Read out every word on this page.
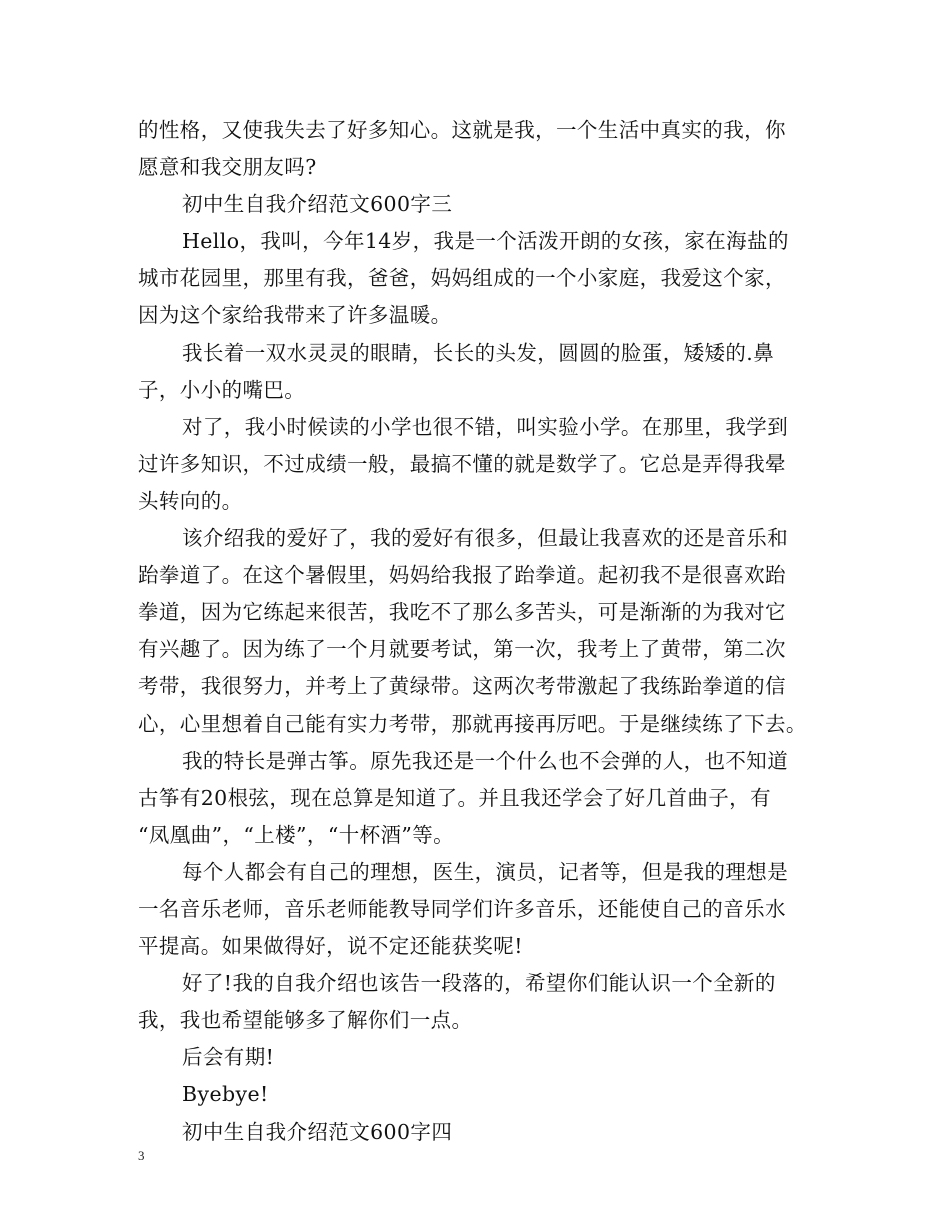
的性格，又使我失去了好多知心。这就是我，一个生活中真实的我，你
愿意和我交朋友吗?
初中生自我介绍范文600字三
Hello，我叫，今年14岁，我是一个活泼开朗的女孩，家在海盐的
城市花园里，那里有我，爸爸，妈妈组成的一个小家庭，我爱这个家，
因为这个家给我带来了许多温暖。
我长着一双水灵灵的眼睛，长长的头发，圆圆的脸蛋，矮矮的.鼻
子，小小的嘴巴。
对了，我小时候读的小学也很不错，叫实验小学。在那里，我学到
过许多知识，不过成绩一般，最搞不懂的就是数学了。它总是弄得我晕
头转向的。
该介绍我的爱好了，我的爱好有很多，但最让我喜欢的还是音乐和
跆拳道了。在这个暑假里，妈妈给我报了跆拳道。起初我不是很喜欢跆
拳道，因为它练起来很苦，我吃不了那么多苦头，可是渐渐的为我对它
有兴趣了。因为练了一个月就要考试，第一次，我考上了黄带，第二次
考带，我很努力，并考上了黄绿带。这两次考带激起了我练跆拳道的信
心，心里想着自己能有实力考带，那就再接再厉吧。于是继续练了下去。
我的特长是弹古筝。原先我还是一个什么也不会弹的人，也不知道
古筝有20根弦，现在总算是知道了。并且我还学会了好几首曲子，有
“凤凰曲”，“上楼”，“十杯酒”等。
每个人都会有自己的理想，医生，演员，记者等，但是我的理想是
一名音乐老师，音乐老师能教导同学们许多音乐，还能使自己的音乐水
平提高。如果做得好，说不定还能获奖呢!
好了!我的自我介绍也该告一段落的，希望你们能认识一个全新的
我，我也希望能够多了解你们一点。
后会有期!
Byebye!
初中生自我介绍范文600字四
3
